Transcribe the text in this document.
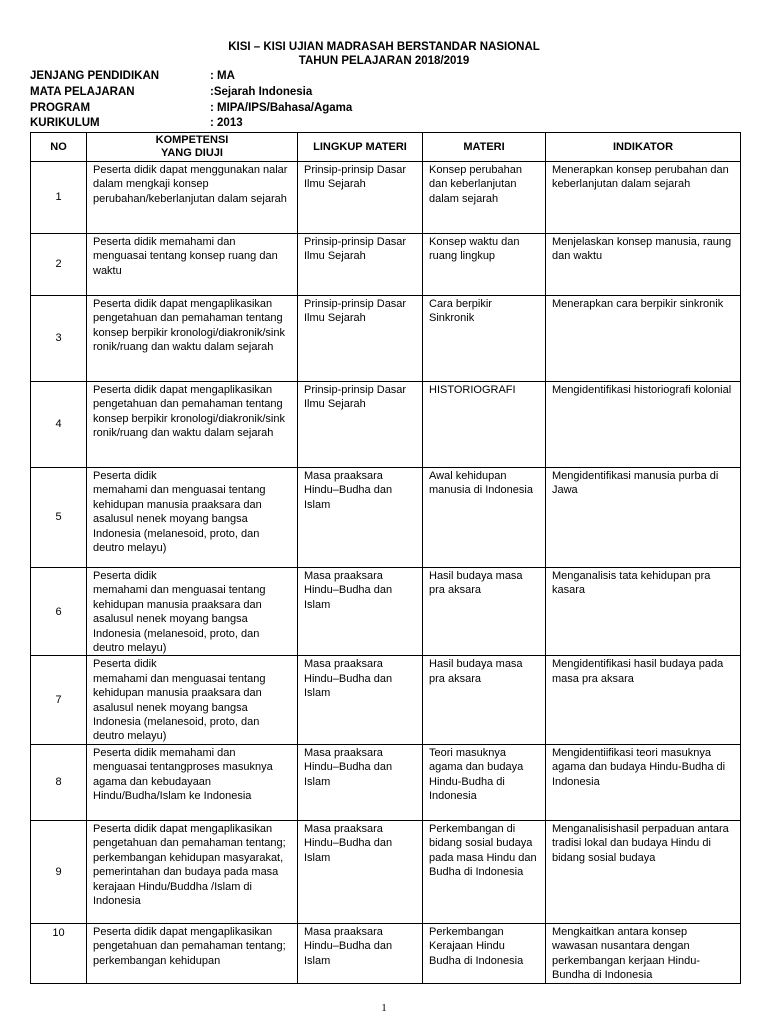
KISI – KISI UJIAN MADRASAH BERSTANDAR NASIONAL
TAHUN PELAJARAN 2018/2019
JENJANG PENDIDIKAN	: MA
MATA PELAJARAN	:Sejarah Indonesia
PROGRAM	: MIPA/IPS/Bahasa/Agama
KURIKULUM	: 2013
NO	KOMPETENSI
YANG DIUJI	LINGKUP MATERI	MATERI	INDIKATOR
1	Peserta didik dapat menggunakan nalar dalam mengkaji konsep perubahan/keberlanjutan dalam sejarah	Prinsip-prinsip Dasar Ilmu Sejarah	Konsep perubahan dan keberlanjutan dalam sejarah	Menerapkan konsep perubahan dan keberlanjutan dalam sejarah
2	Peserta didik memahami dan menguasai tentang konsep ruang dan waktu	Prinsip-prinsip Dasar Ilmu Sejarah	Konsep waktu dan ruang lingkup	Menjelaskan konsep manusia, raung dan waktu
3	Peserta didik dapat mengaplikasikan pengetahuan dan pemahaman tentang konsep berpikir kronologi/diakronik/sink ronik/ruang dan waktu dalam sejarah	Prinsip-prinsip Dasar Ilmu Sejarah	Cara berpikir Sinkronik	Menerapkan cara berpikir sinkronik
4	Peserta didik dapat mengaplikasikan pengetahuan dan pemahaman tentang konsep berpikir kronologi/diakronik/sink ronik/ruang dan waktu dalam sejarah	Prinsip-prinsip Dasar Ilmu Sejarah	HISTORIOGRAFI	Mengidentifikasi historiografi kolonial
5	Peserta didik
memahami dan menguasai tentang kehidupan manusia praaksara dan asalusul nenek moyang bangsa Indonesia (melanesoid, proto, dan deutro melayu)	Masa praaksara Hindu–Budha dan Islam	Awal kehidupan manusia di Indonesia	Mengidentifikasi manusia purba di Jawa
6	Peserta didik
memahami dan menguasai tentang kehidupan manusia praaksara dan asalusul nenek moyang bangsa Indonesia (melanesoid, proto, dan deutro melayu)	Masa praaksara Hindu–Budha dan Islam	Hasil budaya masa pra aksara	Menganalisis tata kehidupan pra kasara
7	Peserta didik
memahami dan menguasai tentang kehidupan manusia praaksara dan asalusul nenek moyang bangsa Indonesia (melanesoid, proto, dan deutro melayu)	Masa praaksara Hindu–Budha dan Islam	Hasil budaya masa pra aksara	Mengidentifikasi hasil budaya pada masa pra aksara
8	Peserta didik memahami dan menguasai tentangproses masuknya agama dan kebudayaan Hindu/Budha/Islam ke Indonesia	Masa praaksara Hindu–Budha dan Islam	Teori masuknya agama dan budaya Hindu-Budha di Indonesia	Mengidentiifikasi teori masuknya agama dan budaya Hindu-Budha di Indonesia
9	Peserta didik dapat mengaplikasikan pengetahuan dan pemahaman tentang; perkembangan kehidupan masyarakat, pemerintahan dan budaya pada masa kerajaan Hindu/Buddha /Islam di Indonesia	Masa praaksara Hindu–Budha dan Islam	Perkembangan di bidang sosial budaya pada masa Hindu dan Budha di Indonesia	Menganalisishasil perpaduan antara tradisi lokal dan budaya Hindu di bidang sosial budaya
10	Peserta didik dapat mengaplikasikan pengetahuan dan pemahaman tentang; perkembangan kehidupan	Masa praaksara Hindu–Budha dan Islam	Perkembangan Kerajaan Hindu Budha di Indonesia	Mengkaitkan antara konsep wawasan nusantara dengan perkembangan kerjaan Hindu-Bundha di Indonesia
1
